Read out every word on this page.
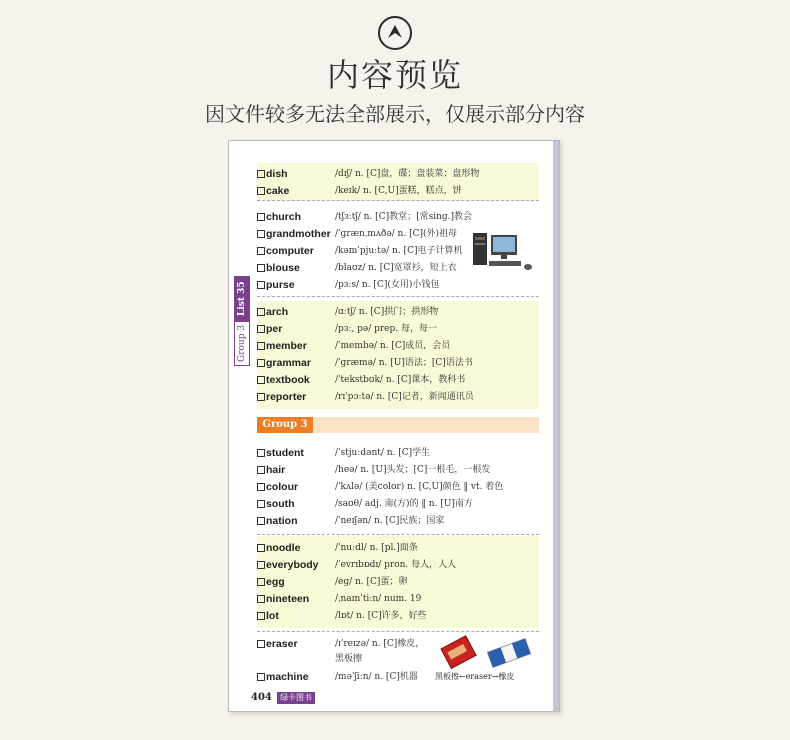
内容预览
因文件较多无法全部展示，仅展示部分内容
List 35
Group 3
dish	/dɪʃ/ n. [C]盘，碟；盘装菜；盘形物
cake	/keɪk/ n. [C,U]蛋糕，糕点，饼
church	/tʃɜːtʃ/ n. [C]教堂；[常sing.]教会
grandmother /ˈɡrænˌmʌðə/ n. [C](外)祖母
computer /kəmˈpjuːtə/ n. [C]电子计算机
blouse	/blaʊz/ n. [C]宽罩衫，短上衣
purse	/pɜːs/ n. [C](女用)小钱包
arch	/ɑːtʃ/ n. [C]拱门；拱形物
per	/pɜː, pə/ prep. 每，每一
member	/ˈmembə/ n. [C]成员，会员
grammar	/ˈɡræmə/ n. [U]语法；[C]语法书
textbook	/ˈtekstbʊk/ n. [C]课本，教科书
reporter	/rɪˈpɔːtə/ n. [C]记者，新闻通讯员
Group 3
student	/ˈstjuːdənt/ n. [C]学生
hair	/heə/ n. [U]头发；[C]一根毛，一根发
colour	/ˈkʌlə/ (美color) n. [C,U]颜色 ‖ vt. 着色
south	/saʊθ/ adj. 南(方)的 ‖ n. [U]南方
nation	/ˈneɪʃən/ n. [C]民族；国家
noodle	/ˈnuːdl/ n. [pl.]面条
everybody /ˈevrɪbɒdɪ/ pron. 每人，人人
egg	/eɡ/ n. [C]蛋；卵
nineteen	/ˌnaɪnˈtiːn/ num. 19
lot	/lɒt/ n. [C]许多，好些
eraser	/ɪˈreɪzə/ n. [C]橡皮，
黑板擦
machine	/məˈʃiːn/ n. [C]机器 黑板擦←eraser→橡皮
404 绿卡图书
